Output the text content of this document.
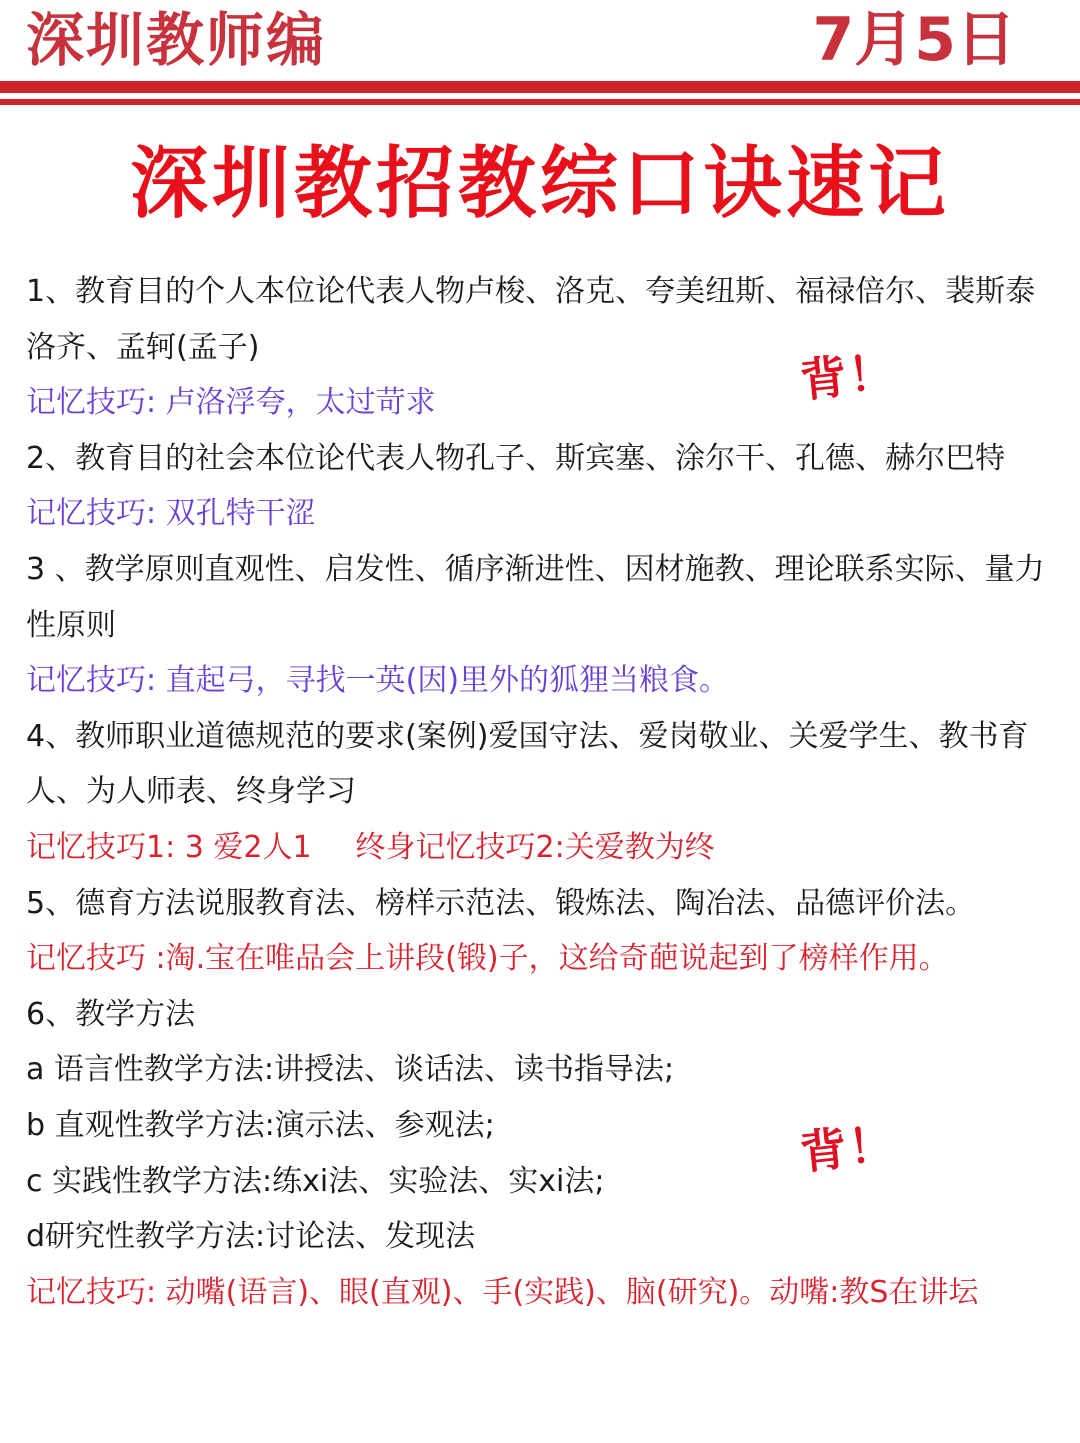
深圳教师编	7月5日
深圳教招教综口诀速记

1、教育目的个人本位论代表人物卢梭、洛克、夸美纽斯、福禄倍尔、裴斯泰洛齐、孟轲(孟子)

记忆技巧: 卢洛浮夸，太过苛求

2、教育目的社会本位论代表人物孔子、斯宾塞、涂尔干、孔德、赫尔巴特

记忆技巧: 双孔特干涩

3 、教学原则直观性、启发性、循序渐进性、因材施教、理论联系实际、量力性原则

记忆技巧: 直起弓，寻找一英(因)里外的狐狸当粮食。

4、教师职业道德规范的要求(案例)爱国守法、爱岗敬业、关爱学生、教书育人、为人师表、终身学习

记忆技巧1: 3 爱2人1 终身记忆技巧2:关爱教为终

5、德育方法说服教育法、榜样示范法、锻炼法、陶冶法、品德评价法。

记忆技巧 :淘.宝在唯品会上讲段(锻)子，这给奇葩说起到了榜样作用。

6、教学方法

a 语言性教学方法:讲授法、谈话法、读书指导法;

b 直观性教学方法:演示法、参观法;

c 实践性教学方法:练xi法、实验法、实xi法;

d研究性教学方法:讨论法、发现法

记忆技巧: 动嘴(语言)、眼(直观)、手(实践)、脑(研究)。动嘴:教S在讲坛

背！
背！
